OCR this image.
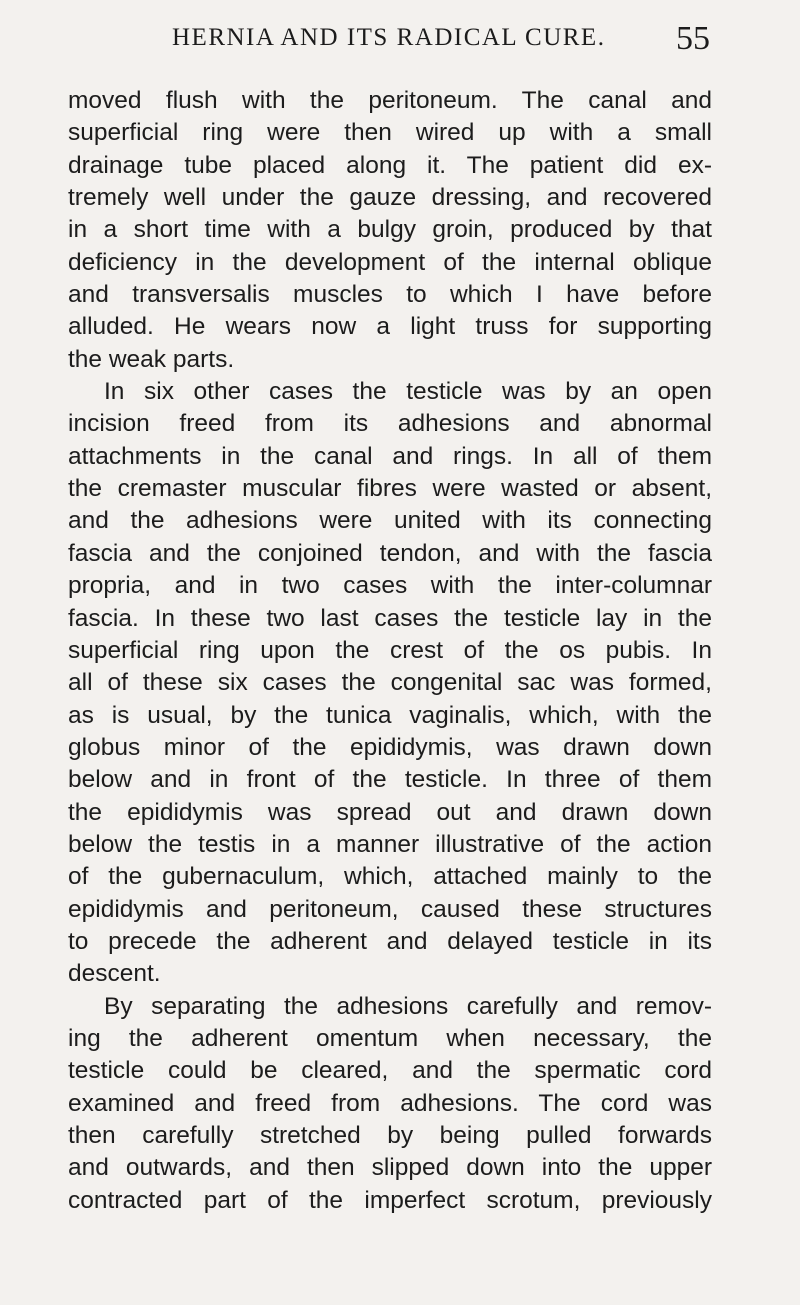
HERNIA AND ITS RADICAL CURE. 55
moved flush with the peritoneum. The canal and
superficial ring were then wired up with a small
drainage tube placed along it. The patient did ex-
tremely well under the gauze dressing, and recovered
in a short time with a bulgy groin, produced by that
deficiency in the development of the internal oblique
and transversalis muscles to which I have before
alluded. He wears now a light truss for supporting
the weak parts.
In six other cases the testicle was by an open
incision freed from its adhesions and abnormal
attachments in the canal and rings. In all of them
the cremaster muscular fibres were wasted or absent,
and the adhesions were united with its connecting
fascia and the conjoined tendon, and with the fascia
propria, and in two cases with the inter-columnar
fascia. In these two last cases the testicle lay in the
superficial ring upon the crest of the os pubis. In
all of these six cases the congenital sac was formed,
as is usual, by the tunica vaginalis, which, with the
globus minor of the epididymis, was drawn down
below and in front of the testicle. In three of them
the epididymis was spread out and drawn down
below the testis in a manner illustrative of the action
of the gubernaculum, which, attached mainly to the
epididymis and peritoneum, caused these structures
to precede the adherent and delayed testicle in its
descent.
By separating the adhesions carefully and remov-
ing the adherent omentum when necessary, the
testicle could be cleared, and the spermatic cord
examined and freed from adhesions. The cord was
then carefully stretched by being pulled forwards
and outwards, and then slipped down into the upper
contracted part of the imperfect scrotum, previously
